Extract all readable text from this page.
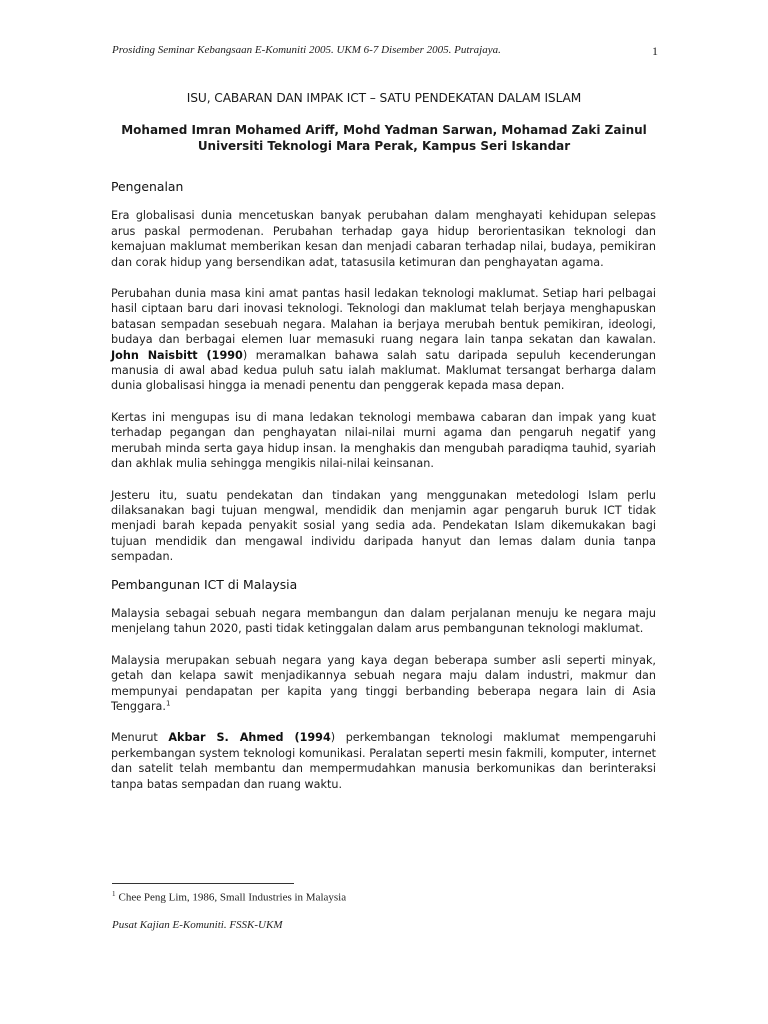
Prosiding Seminar Kebangsaan E-Komuniti 2005. UKM 6-7 Disember 2005. Putrajaya.	1
ISU, CABARAN DAN IMPAK ICT – SATU PENDEKATAN DALAM ISLAM
Mohamed Imran Mohamed Ariff, Mohd Yadman Sarwan, Mohamad Zaki Zainul
Universiti Teknologi Mara Perak, Kampus Seri Iskandar
Pengenalan

Era globalisasi dunia mencetuskan banyak perubahan dalam menghayati kehidupan selepas arus paskal permodenan. Perubahan terhadap gaya hidup berorientasikan teknologi dan kemajuan maklumat memberikan kesan dan menjadi cabaran terhadap nilai, budaya, pemikiran dan corak hidup yang bersendikan adat, tatasusila ketimuran dan penghayatan agama.

Perubahan dunia masa kini amat pantas hasil ledakan teknologi maklumat. Setiap hari pelbagai hasil ciptaan baru dari inovasi teknologi. Teknologi dan maklumat telah berjaya menghapuskan batasan sempadan sesebuah negara. Malahan ia berjaya merubah bentuk pemikiran, ideologi, budaya dan berbagai elemen luar memasuki ruang negara lain tanpa sekatan dan kawalan. John Naisbitt (1990) meramalkan bahawa salah satu daripada sepuluh kecenderungan manusia di awal abad kedua puluh satu ialah maklumat. Maklumat tersangat berharga dalam dunia globalisasi hingga ia menadi penentu dan penggerak kepada masa depan.

Kertas ini mengupas isu di mana ledakan teknologi membawa cabaran dan impak yang kuat terhadap pegangan dan penghayatan nilai-nilai murni agama dan pengaruh negatif yang merubah minda serta gaya hidup insan. Ia menghakis dan mengubah paradiqma tauhid, syariah dan akhlak mulia sehingga mengikis nilai-nilai keinsanan.

Jesteru itu, suatu pendekatan dan tindakan yang menggunakan metedologi Islam perlu dilaksanakan bagi tujuan mengwal, mendidik dan menjamin agar pengaruh buruk ICT tidak menjadi barah kepada penyakit sosial yang sedia ada. Pendekatan Islam dikemukakan bagi tujuan mendidik dan mengawal individu daripada hanyut dan lemas dalam dunia tanpa sempadan.

Pembangunan ICT di Malaysia

Malaysia sebagai sebuah negara membangun dan dalam perjalanan menuju ke negara maju menjelang tahun 2020, pasti tidak ketinggalan dalam arus pembangunan teknologi maklumat.

Malaysia merupakan sebuah negara yang kaya degan beberapa sumber asli seperti minyak, getah dan kelapa sawit menjadikannya sebuah negara maju dalam industri, makmur dan mempunyai pendapatan per kapita yang tinggi berbanding beberapa negara lain di Asia Tenggara.$^1$

Menurut Akbar S. Ahmed (1994) perkembangan teknologi maklumat mempengaruhi perkembangan system teknologi komunikasi. Peralatan seperti mesin fakmili, komputer, internet dan satelit telah membantu dan mempermudahkan manusia berkomunikas dan berinteraksi tanpa batas sempadan dan ruang waktu.

$^1$ Chee Peng Lim, 1986, Small Industries in Malaysia
Pusat Kajian E-Komuniti. FSSK-UKM
